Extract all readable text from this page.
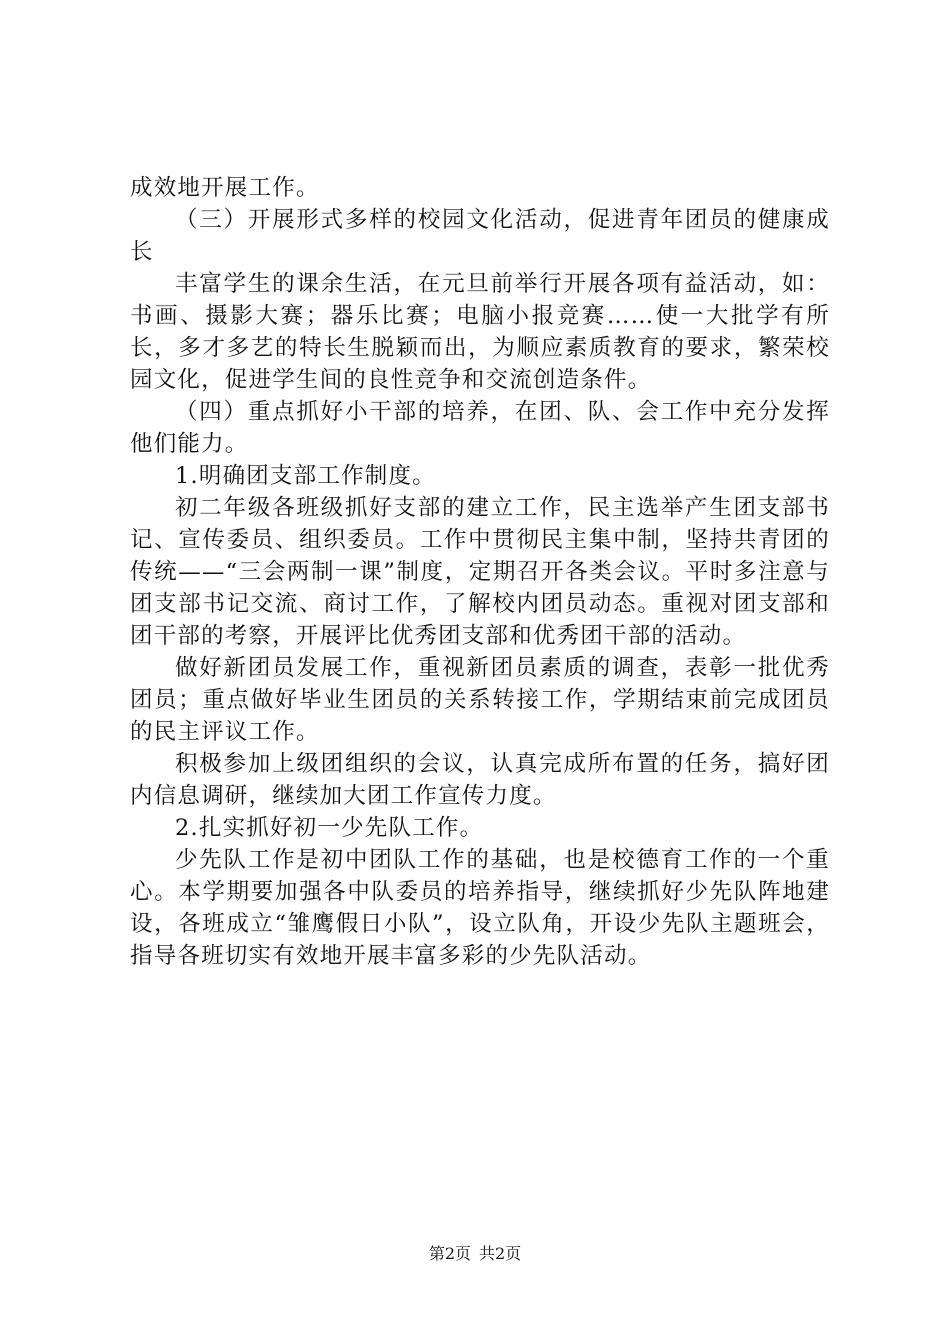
成效地开展工作。

（三）开展形式多样的校园文化活动，促进青年团员的健康成长

丰富学生的课余生活，在元旦前举行开展各项有益活动，如：书画、摄影大赛；器乐比赛；电脑小报竞赛……使一大批学有所长，多才多艺的特长生脱颖而出，为顺应素质教育的要求，繁荣校园文化，促进学生间的良性竞争和交流创造条件。

（四）重点抓好小干部的培养，在团、队、会工作中充分发挥他们能力。

1.明确团支部工作制度。

初二年级各班级抓好支部的建立工作，民主选举产生团支部书记、宣传委员、组织委员。工作中贯彻民主集中制，坚持共青团的传统——“三会两制一课”制度，定期召开各类会议。平时多注意与团支部书记交流、商讨工作，了解校内团员动态。重视对团支部和团干部的考察，开展评比优秀团支部和优秀团干部的活动。

做好新团员发展工作，重视新团员素质的调查，表彰一批优秀团员；重点做好毕业生团员的关系转接工作，学期结束前完成团员的民主评议工作。

积极参加上级团组织的会议，认真完成所布置的任务，搞好团内信息调研，继续加大团工作宣传力度。

2.扎实抓好初一少先队工作。

少先队工作是初中团队工作的基础，也是校德育工作的一个重心。本学期要加强各中队委员的培养指导，继续抓好少先队阵地建设，各班成立“雏鹰假日小队”，设立队角，开设少先队主题班会，指导各班切实有效地开展丰富多彩的少先队活动。

第2页 共2页
